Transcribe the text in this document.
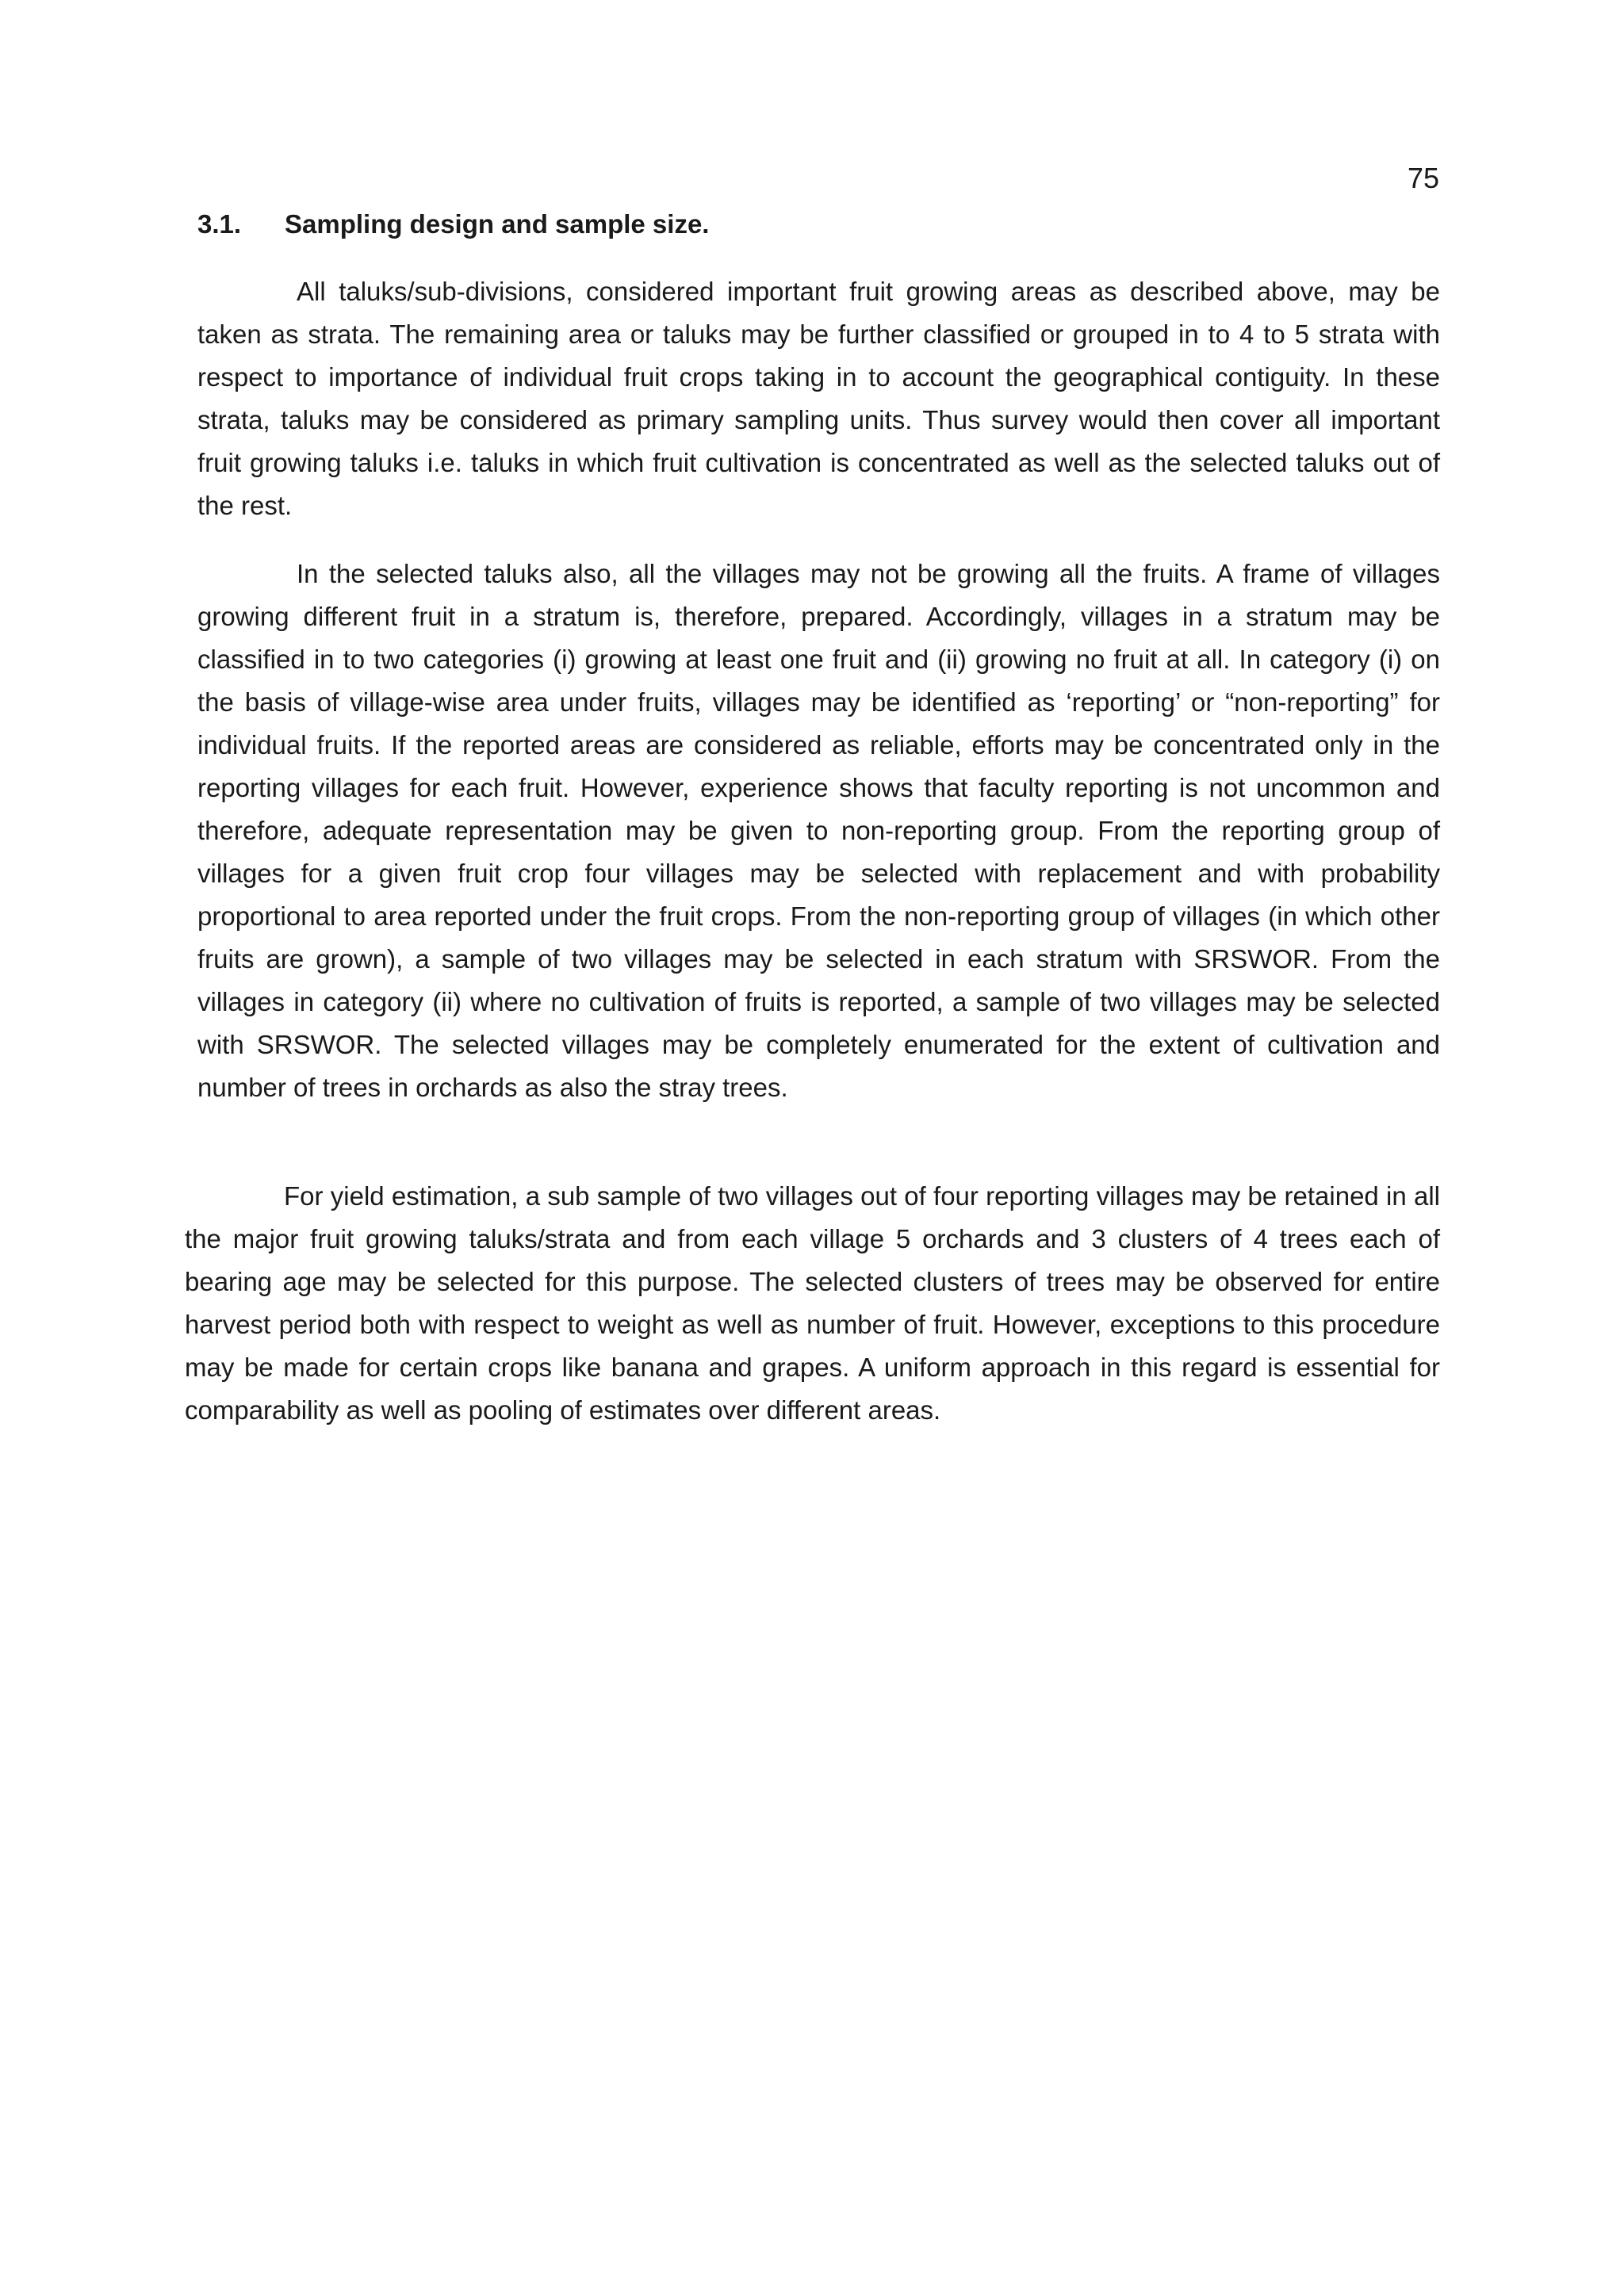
75
3.1.	Sampling design and sample size.

All taluks/sub-divisions, considered important fruit growing areas as described above, may be taken as strata. The remaining area or taluks may be further classified or grouped in to 4 to 5 strata with respect to importance of individual fruit crops taking in to account the geographical contiguity. In these strata, taluks may be considered as primary sampling units. Thus survey would then cover all important fruit growing taluks i.e. taluks in which fruit cultivation is concentrated as well as the selected taluks out of the rest.

In the selected taluks also, all the villages may not be growing all the fruits. A frame of villages growing different fruit in a stratum is, therefore, prepared. Accordingly, villages in a stratum may be classified in to two categories (i) growing at least one fruit and (ii) growing no fruit at all. In category (i) on the basis of village-wise area under fruits, villages may be identified as ‘reporting’ or “non-reporting” for individual fruits. If the reported areas are considered as reliable, efforts may be concentrated only in the reporting villages for each fruit. However, experience shows that faculty reporting is not uncommon and therefore, adequate representation may be given to non-reporting group. From the reporting group of villages for a given fruit crop four villages may be selected with replacement and with probability proportional to area reported under the fruit crops. From the non-reporting group of villages (in which other fruits are grown), a sample of two villages may be selected in each stratum with SRSWOR. From the villages in category (ii) where no cultivation of fruits is reported, a sample of two villages may be selected with SRSWOR. The selected villages may be completely enumerated for the extent of cultivation and number of trees in orchards as also the stray trees.

For yield estimation, a sub sample of two villages out of four reporting villages may be retained in all the major fruit growing taluks/strata and from each village 5 orchards and 3 clusters of 4 trees each of bearing age may be selected for this purpose. The selected clusters of trees may be observed for entire harvest period both with respect to weight as well as number of fruit. However, exceptions to this procedure may be made for certain crops like banana and grapes. A uniform approach in this regard is essential for comparability as well as pooling of estimates over different areas.
